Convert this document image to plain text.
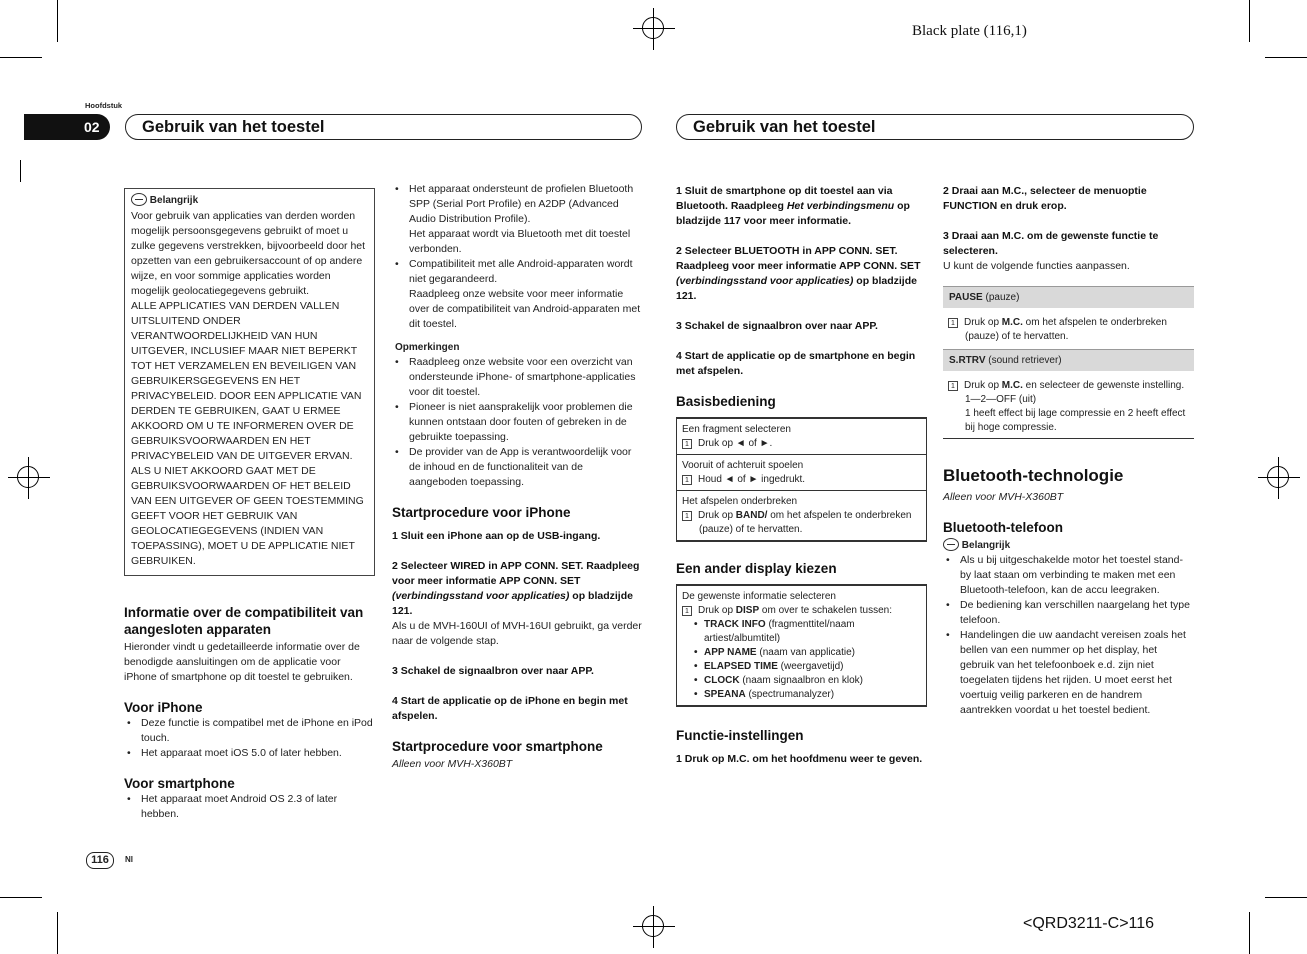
Black plate (116,1)
Hoofdstuk
02	Gebruik van het toestel	Gebruik van het toestel
Belangrijk
Voor gebruik van applicaties van derden worden mogelijk persoonsgegevens gebruikt of moet u zulke gegevens verstrekken, bijvoorbeeld door het opzetten van een gebruikersaccount of op andere wijze, en voor sommige applicaties worden mogelijk geolocatiegegevens gebruikt.
ALLE APPLICATIES VAN DERDEN VALLEN UITSLUITEND ONDER VERANTWOORDELIJKHEID VAN HUN UITGEVER, INCLUSIEF MAAR NIET BEPERKT TOT HET VERZAMELEN EN BEVEILIGEN VAN GEBRUIKERSGEGEVENS EN HET PRIVACYBELEID. DOOR EEN APPLICATIE VAN DERDEN TE GEBRUIKEN, GAAT U ERMEE AKKOORD OM U TE INFORMEREN OVER DE GEBRUIKSVOORWAARDEN EN HET PRIVACYBELEID VAN DE UITGEVER ERVAN. ALS U NIET AKKOORD GAAT MET DE GEBRUIKSVOORWAARDEN OF HET BELEID VAN EEN UITGEVER OF GEEN TOESTEMMING GEEFT VOOR HET GEBRUIK VAN GEOLOCATIEGEGEVENS (INDIEN VAN TOEPASSING), MOET U DE APPLICATIE NIET GEBRUIKEN.
Informatie over de compatibiliteit van aangesloten apparaten
Hieronder vindt u gedetailleerde informatie over de benodigde aansluitingen om de applicatie voor iPhone of smartphone op dit toestel te gebruiken.
Voor iPhone
• Deze functie is compatibel met de iPhone en iPod touch.
• Het apparaat moet iOS 5.0 of later hebben.
Voor smartphone
• Het apparaat moet Android OS 2.3 of later hebben.
• Het apparaat ondersteunt de profielen Bluetooth SPP (Serial Port Profile) en A2DP (Advanced Audio Distribution Profile).
Het apparaat wordt via Bluetooth met dit toestel verbonden.
• Compatibiliteit met alle Android-apparaten wordt niet gegarandeerd.
Raadpleeg onze website voor meer informatie over de compatibiliteit van Android-apparaten met dit toestel.
Opmerkingen
• Raadpleeg onze website voor een overzicht van ondersteunde iPhone- of smartphone-applicaties voor dit toestel.
• Pioneer is niet aansprakelijk voor problemen die kunnen ontstaan door fouten of gebreken in de gebruikte toepassing.
• De provider van de App is verantwoordelijk voor de inhoud en de functionaliteit van de aangeboden toepassing.
Startprocedure voor iPhone
1 Sluit een iPhone aan op de USB-ingang.
2 Selecteer WIRED in APP CONN. SET. Raadpleeg voor meer informatie APP CONN. SET (verbindingsstand voor applicaties) op bladzijde 121.
Als u de MVH-160UI of MVH-16UI gebruikt, ga verder naar de volgende stap.
3 Schakel de signaalbron over naar APP.
4 Start de applicatie op de iPhone en begin met afspelen.
Startprocedure voor smartphone
Alleen voor MVH-X360BT
1 Sluit de smartphone op dit toestel aan via Bluetooth. Raadpleeg Het verbindingsmenu op bladzijde 117 voor meer informatie.
2 Selecteer BLUETOOTH in APP CONN. SET. Raadpleeg voor meer informatie APP CONN. SET (verbindingsstand voor applicaties) op bladzijde 121.
3 Schakel de signaalbron over naar APP.
4 Start de applicatie op de smartphone en begin met afspelen.
Basisbediening
Een fragment selecteren
1 Druk op ◄ of ►.
Vooruit of achteruit spoelen
1 Houd ◄ of ► ingedrukt.
Het afspelen onderbreken
1 Druk op BAND/ om het afspelen te onderbreken (pauze) of te hervatten.
Een ander display kiezen
De gewenste informatie selecteren
1 Druk op DISP om over te schakelen tussen:
• TRACK INFO (fragmenttitel/naam artiest/albumtitel)
• APP NAME (naam van applicatie)
• ELAPSED TIME (weergavetijd)
• CLOCK (naam signaalbron en klok)
• SPEANA (spectrumanalyzer)
Functie-instellingen
1 Druk op M.C. om het hoofdmenu weer te geven.
2 Draai aan M.C., selecteer de menuoptie FUNCTION en druk erop.
3 Draai aan M.C. om de gewenste functie te selecteren.
U kunt de volgende functies aanpassen.
PAUSE (pauze)
1 Druk op M.C. om het afspelen te onderbreken (pauze) of te hervatten.
S.RTRV (sound retriever)
1 Druk op M.C. en selecteer de gewenste instelling.
1—2—OFF (uit)
1 heeft effect bij lage compressie en 2 heeft effect bij hoge compressie.
Bluetooth-technologie
Alleen voor MVH-X360BT
Bluetooth-telefoon
Belangrijk
• Als u bij uitgeschakelde motor het toestel stand-by laat staan om verbinding te maken met een Bluetooth-telefoon, kan de accu leegraken.
• De bediening kan verschillen naargelang het type telefoon.
• Handelingen die uw aandacht vereisen zoals het bellen van een nummer op het display, het gebruik van het telefoonboek e.d. zijn niet toegelaten tijdens het rijden. U moet eerst het voertuig veilig parkeren en de handrem aantrekken voordat u het toestel bedient.
116	Nl
<QRD3211-C>116
